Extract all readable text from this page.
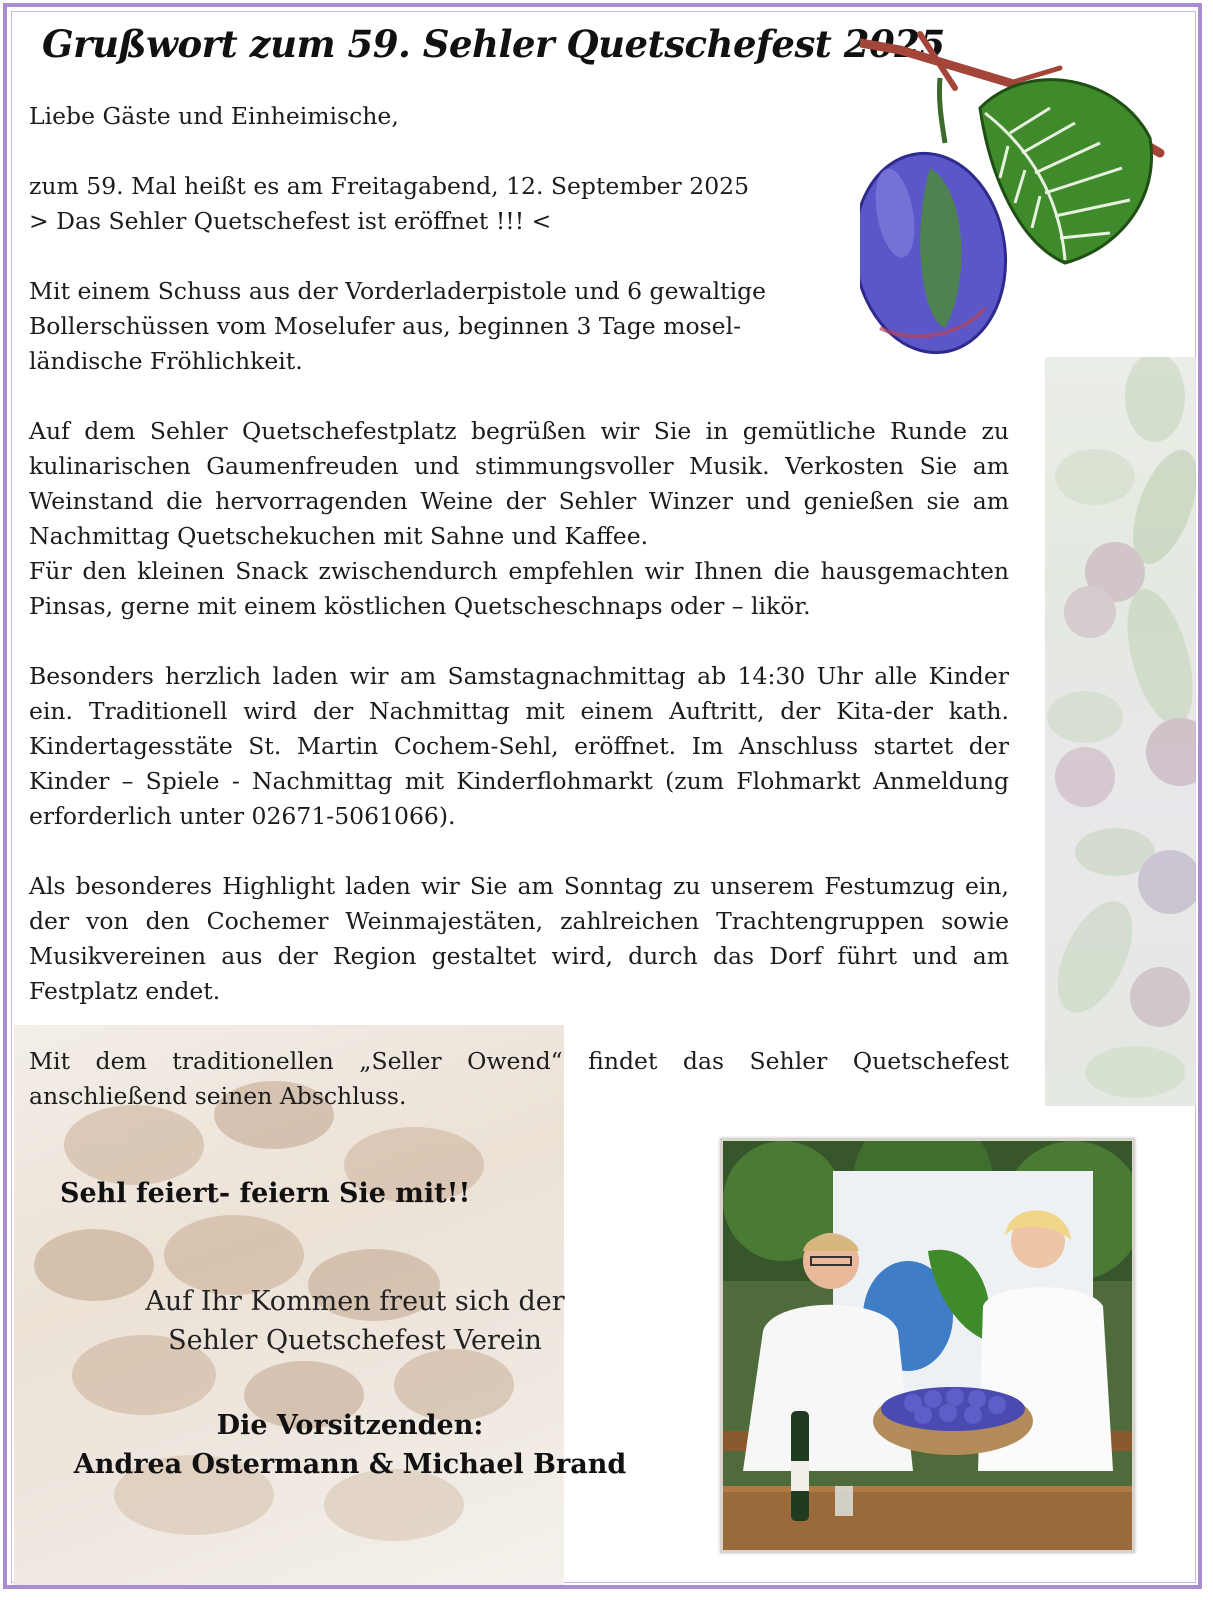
Grußwort zum 59. Sehler Quetschefest 2025

Liebe Gäste und Einheimische,

zum 59. Mal heißt es am Freitagabend, 12. September 2025
> Das Sehler Quetschefest ist eröffnet !!! <

Mit einem Schuss aus der Vorderladerpistole und 6 gewaltige
Bollerschüssen vom Moselufer aus, beginnen 3 Tage mosel-
ländische Fröhlichkeit.

Auf dem Sehler Quetschefestplatz begrüßen wir Sie in gemütliche Runde zu kulinarischen Gaumenfreuden und stimmungsvoller Musik. Verkosten Sie am Weinstand die hervorragenden Weine der Sehler Winzer und genießen sie am Nachmittag Quetschekuchen mit Sahne und Kaffee.

Für den kleinen Snack zwischendurch empfehlen wir Ihnen die hausgemachten Pinsas, gerne mit einem köstlichen Quetscheschnaps oder – likör.

Besonders herzlich laden wir am Samstagnachmittag ab 14:30 Uhr alle Kinder ein. Traditionell wird der Nachmittag mit einem Auftritt, der Kita-der kath. Kindertagesstäte St. Martin Cochem-Sehl, eröffnet. Im Anschluss startet der Kinder – Spiele - Nachmittag mit Kinderflohmarkt (zum Flohmarkt Anmeldung erforderlich unter 02671-5061066).

Als besonderes Highlight laden wir Sie am Sonntag zu unserem Festumzug ein, der von den Cochemer Weinmajestäten, zahlreichen Trachtengruppen sowie Musikvereinen aus der Region gestaltet wird, durch das Dorf führt und am Festplatz endet.

Mit dem traditionellen „Seller Owend“ findet das Sehler Quetschefest anschließend seinen Abschluss.

Sehl feiert- feiern Sie mit!!
Auf Ihr Kommen freut sich der
Sehler Quetschefest Verein
Die Vorsitzenden:
Andrea Ostermann & Michael Brand
